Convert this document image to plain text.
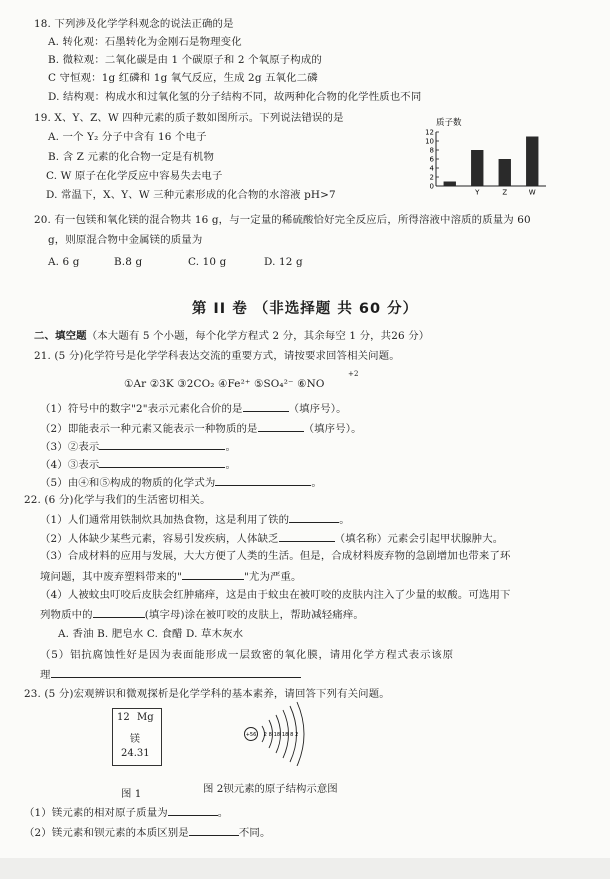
18. 下列涉及化学学科观念的说法正确的是
A. 转化观：石墨转化为金刚石是物理变化
B. 微粒观：二氧化碳是由 1 个碳原子和 2 个氧原子构成的
C 守恒观：1g 红磷和 1g 氧气反应，生成 2g 五氧化二磷
D. 结构观：构成水和过氧化氢的分子结构不同，故两种化合物的化学性质也不同
19. X、Y、Z、W 四种元素的质子数如图所示。下列说法错误的是
A. 一个 Y₂ 分子中含有 16 个电子
B. 含 Z 元素的化合物一定是有机物
C. W 原子在化学反应中容易失去电子
D. 常温下，X、Y、W 三种元素形成的化合物的水溶液 pH>7
质子数
12
10
8
6
4
2
0
Y	Z	W
20. 有一包镁和氧化镁的混合物共 16 g，与一定量的稀硫酸恰好完全反应后，所得溶液中溶质的质量为 60
g，则原混合物中金属镁的质量为
A. 6 g	B.8 g	C. 10 g	D. 12 g
第 II 卷 （非选择题 共 60 分）
二、填空题（本大题有 5 个小题，每个化学方程式 2 分，其余每空 1 分，共26 分）
21. (5 分)化学符号是化学学科表达交流的重要方式，请按要求回答相关问题。
+2
①Ar ②3K ③2CO₂ ④Fe²⁺ ⑤SO₄²⁻ ⑥NO
（1）符号中的数字"2"表示元素化合价的是	（填序号）。
（2）即能表示一种元素又能表示一种物质的是	（填序号）。
（3）②表示	。
（4）③表示	。
（5）由④和⑤构成的物质的化学式为	。
22. (6 分)化学与我们的生活密切相关。
（1）人们通常用铁制炊具加热食物，这是利用了铁的	。
（2）人体缺少某些元素，容易引发疾病，人体缺乏	（填名称）元素会引起甲状腺肿大。
（3）合成材料的应用与发展，大大方便了人类的生活。但是，合成材料废弃物的急剧增加也带来了环
境问题，其中废弃塑料带来的"	"尤为严重。
（4）人被蚊虫叮咬后皮肤会红肿痛痒，这是由于蚊虫在被叮咬的皮肤内注入了少量的蚁酸。可选用下
列物质中的	(填字母)涂在被叮咬的皮肤上，帮助减轻痛痒。
A. 香油 B. 肥皂水 C. 食醋 D. 草木灰水
（5）铝抗腐蚀性好是因为表面能形成一层致密的氧化膜，请用化学方程式表示该原
理
23. (5 分)宏观辨识和微观探析是化学学科的基本素养，请回答下列有关问题。
12 Mg
镁
24.31
+56 2 8 18 18 8 2
图 1	图 2钡元素的原子结构示意图
（1）镁元素的相对原子质量为	。
（2）镁元素和钡元素的本质区别是	不同。
